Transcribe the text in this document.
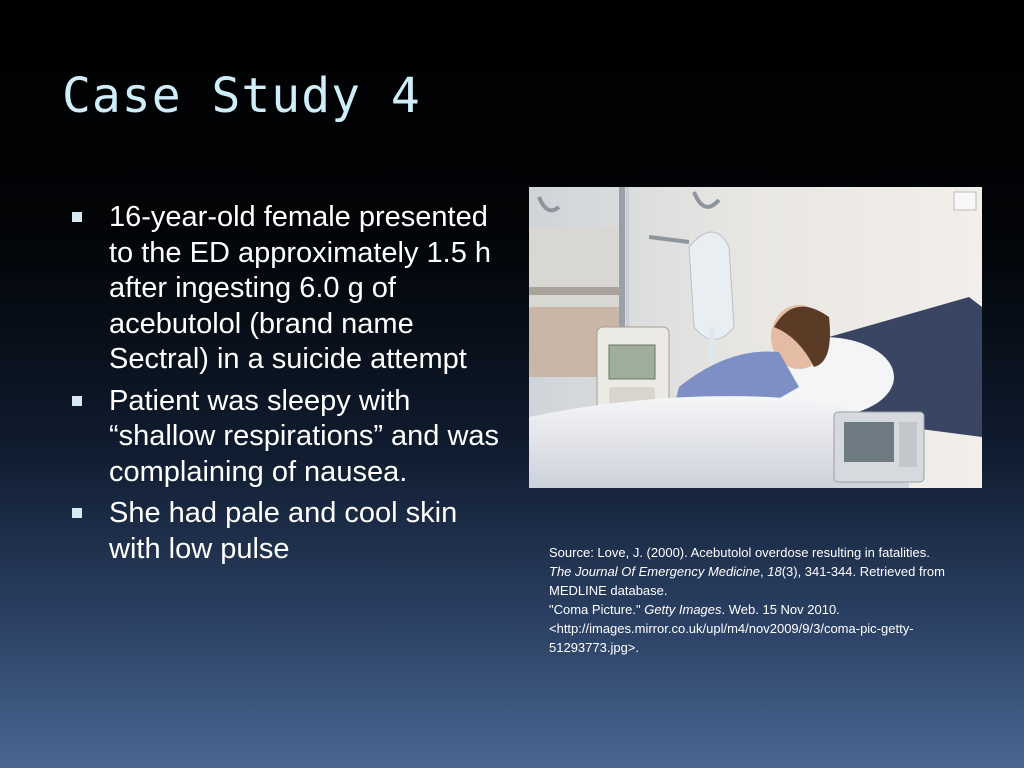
Case Study 4
16-year-old female presented to the ED approximately 1.5 h after ingesting 6.0 g of acebutolol (brand name Sectral) in a suicide attempt
Patient was sleepy with “shallow respirations” and was complaining of nausea.
She had pale and cool skin with low pulse	Source: Love, J. (2000). Acebutolol overdose resulting in fatalities. The Journal Of Emergency Medicine, 18(3), 341-344. Retrieved from MEDLINE database.

"Coma Picture." Getty Images. Web. 15 Nov 2010. <http://images.mirror.co.uk/upl/m4/nov2009/9/3/coma-pic-getty-51293773.jpg>.
